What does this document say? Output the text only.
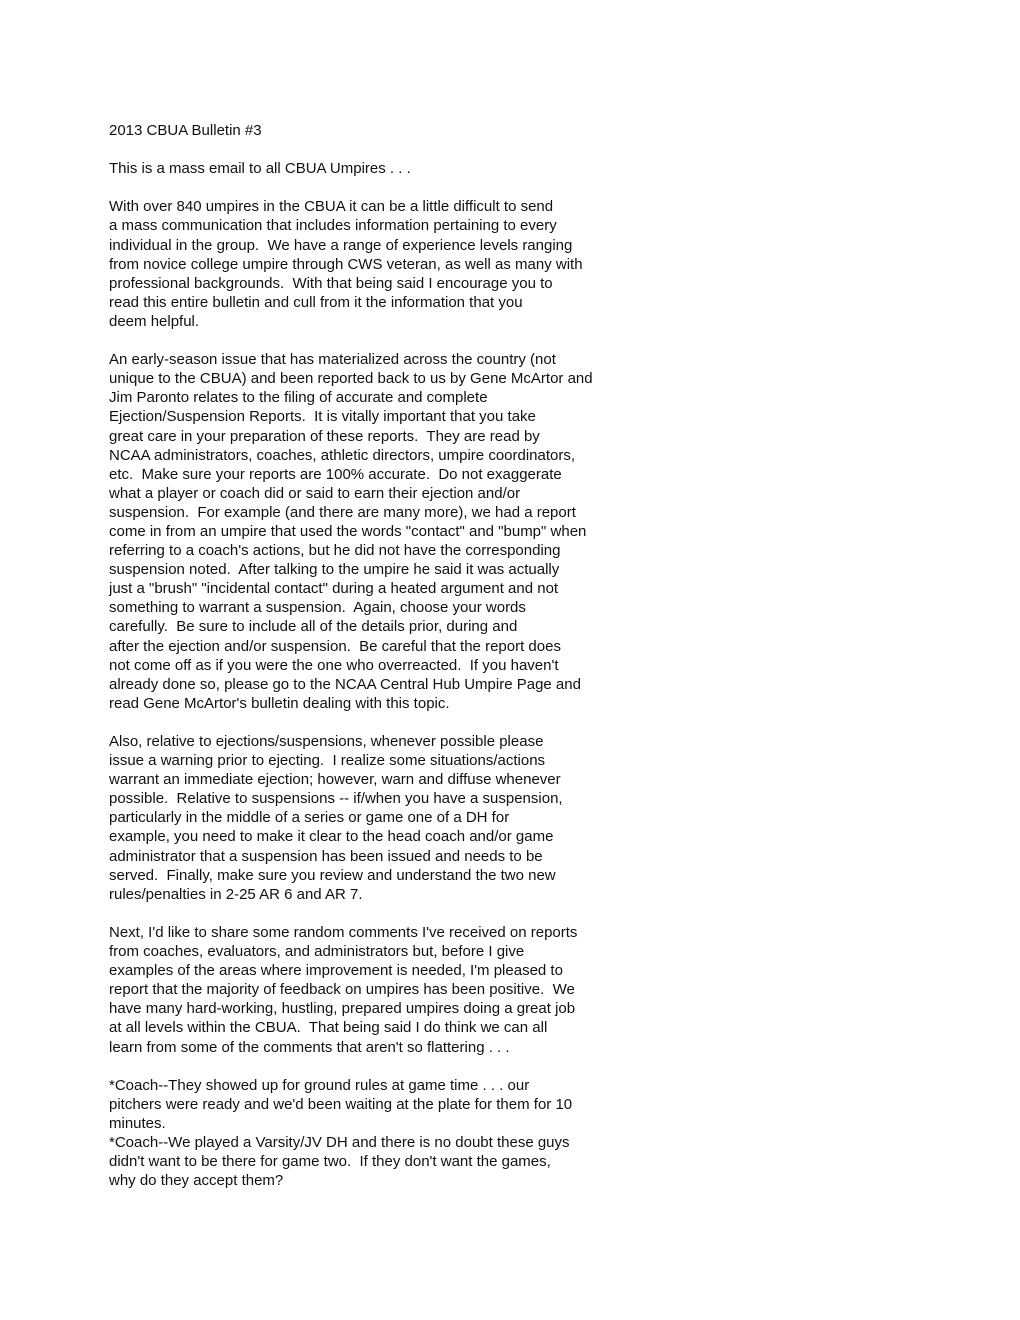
2013 CBUA Bulletin #3
This is a mass email to all CBUA Umpires . . .
With over 840 umpires in the CBUA it can be a little difficult to send
a mass communication that includes information pertaining to every
individual in the group.  We have a range of experience levels ranging
from novice college umpire through CWS veteran, as well as many with
professional backgrounds.  With that being said I encourage you to
read this entire bulletin and cull from it the information that you
deem helpful.
An early-season issue that has materialized across the country (not
unique to the CBUA) and been reported back to us by Gene McArtor and
Jim Paronto relates to the filing of accurate and complete
Ejection/Suspension Reports.  It is vitally important that you take
great care in your preparation of these reports.  They are read by
NCAA administrators, coaches, athletic directors, umpire coordinators,
etc.  Make sure your reports are 100% accurate.  Do not exaggerate
what a player or coach did or said to earn their ejection and/or
suspension.  For example (and there are many more), we had a report
come in from an umpire that used the words "contact" and "bump" when
referring to a coach's actions, but he did not have the corresponding
suspension noted.  After talking to the umpire he said it was actually
just a "brush" "incidental contact" during a heated argument and not
something to warrant a suspension.  Again, choose your words
carefully.  Be sure to include all of the details prior, during and
after the ejection and/or suspension.  Be careful that the report does
not come off as if you were the one who overreacted.  If you haven't
already done so, please go to the NCAA Central Hub Umpire Page and
read Gene McArtor's bulletin dealing with this topic.
Also, relative to ejections/suspensions, whenever possible please
issue a warning prior to ejecting.  I realize some situations/actions
warrant an immediate ejection; however, warn and diffuse whenever
possible.  Relative to suspensions -- if/when you have a suspension,
particularly in the middle of a series or game one of a DH for
example, you need to make it clear to the head coach and/or game
administrator that a suspension has been issued and needs to be
served.  Finally, make sure you review and understand the two new
rules/penalties in 2-25 AR 6 and AR 7.
Next, I'd like to share some random comments I've received on reports
from coaches, evaluators, and administrators but, before I give
examples of the areas where improvement is needed, I'm pleased to
report that the majority of feedback on umpires has been positive.  We
have many hard-working, hustling, prepared umpires doing a great job
at all levels within the CBUA.  That being said I do think we can all
learn from some of the comments that aren't so flattering . . .
*Coach--They showed up for ground rules at game time . . . our
pitchers were ready and we'd been waiting at the plate for them for 10
minutes.
*Coach--We played a Varsity/JV DH and there is no doubt these guys
didn't want to be there for game two.  If they don't want the games,
why do they accept them?
